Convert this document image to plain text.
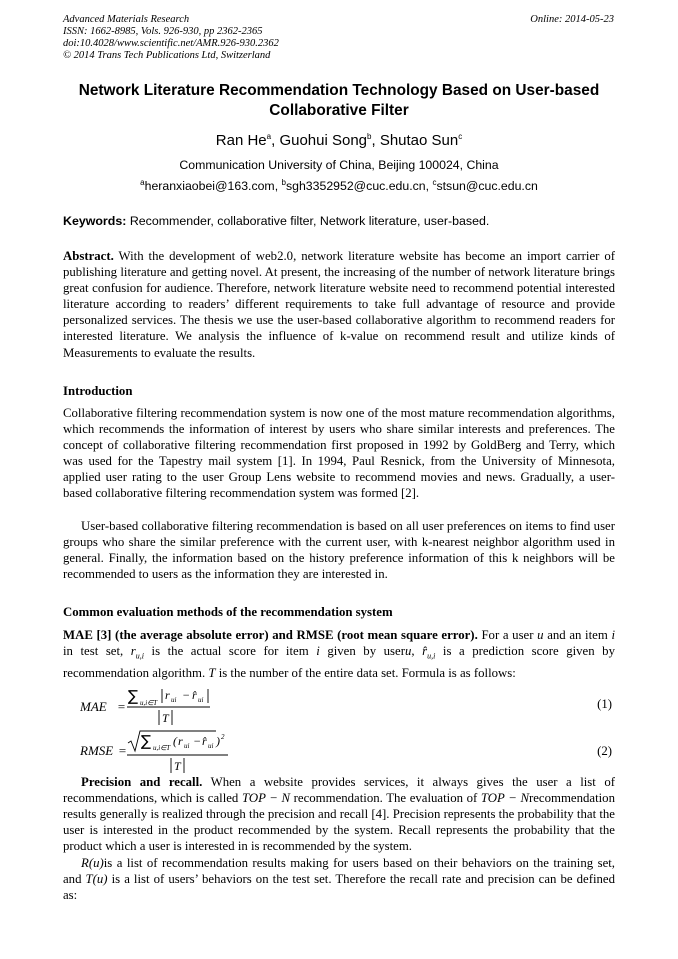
Advanced Materials Research
ISSN: 1662-8985, Vols. 926-930, pp 2362-2365
doi:10.4028/www.scientific.net/AMR.926-930.2362
© 2014 Trans Tech Publications Ltd, Switzerland
Online: 2014-05-23
Network Literature Recommendation Technology Based on User-based
Collaborative Filter
Ran He$^a$, Guohui Song$^b$, Shutao Sun$^c$
Communication University of China, Beijing 100024, China
$^a$heranxiaobei@163.com, $^b$sgh3352952@cuc.edu.cn, $^c$stsun@cuc.edu.cn
Keywords: Recommender, collaborative filter, Network literature, user-based.

Abstract. With the development of web2.0, network literature website has become an import carrier of publishing literature and getting novel. At present, the increasing of the number of network literature brings great confusion for audience. Therefore, network literature website need to recommend potential interested literature according to readers’ different requirements to take full advantage of resource and provide personalized services. The thesis we use the user-based collaborative algorithm to recommend readers for interested literature. We analysis the influence of k-value on recommend result and utilize kinds of Measurements to evaluate the results.

Introduction

Collaborative filtering recommendation system is now one of the most mature recommendation algorithms, which recommends the information of interest by users who share similar interests and preferences. The concept of collaborative filtering recommendation first proposed in 1992 by GoldBerg and Terry, which was used for the Tapestry mail system [1]. In 1994, Paul Resnick, from the University of Minnesota, applied user rating to the user Group Lens website to recommend movies and news. Gradually, a user-based collaborative filtering recommendation system was formed [2].

User-based collaborative filtering recommendation is based on all user preferences on items to find user groups who share the similar preference with the current user, with k-nearest neighbor algorithm used in general. Finally, the information based on the history preference information of this k neighbors will be recommended to users as the information they are interested in.

Common evaluation methods of the recommendation system

MAE [3] (the average absolute error) and RMSE (root mean square error). For a user u and an item i in test set, $r_{u,i}$ is the actual score for item i given by useru, $r̂_{u,i}$ is a prediction score given by recommendation algorithm. T is the number of the entire data set. Formula is as follows:

MAE =
∑ u,i∈T
r ui − r̂ ui
T
(1)
RMSE =
∑ u,i∈T ( r ui − r̂ ui ) 2
T
(2)

Precision and recall. When a website provides services, it always gives the user a list of recommendations, which is called TOP − N recommendation. The evaluation of TOP − Nrecommendation results generally is realized through the precision and recall [4]. Precision represents the probability that the user is interested in the product recommended by the system. Recall represents the probability that the product which a user is interested in is recommended by the system.

R(u)is a list of recommendation results making for users based on their behaviors on the training set, and T(u) is a list of users’ behaviors on the test set. Therefore the recall rate and precision can be defined as:
